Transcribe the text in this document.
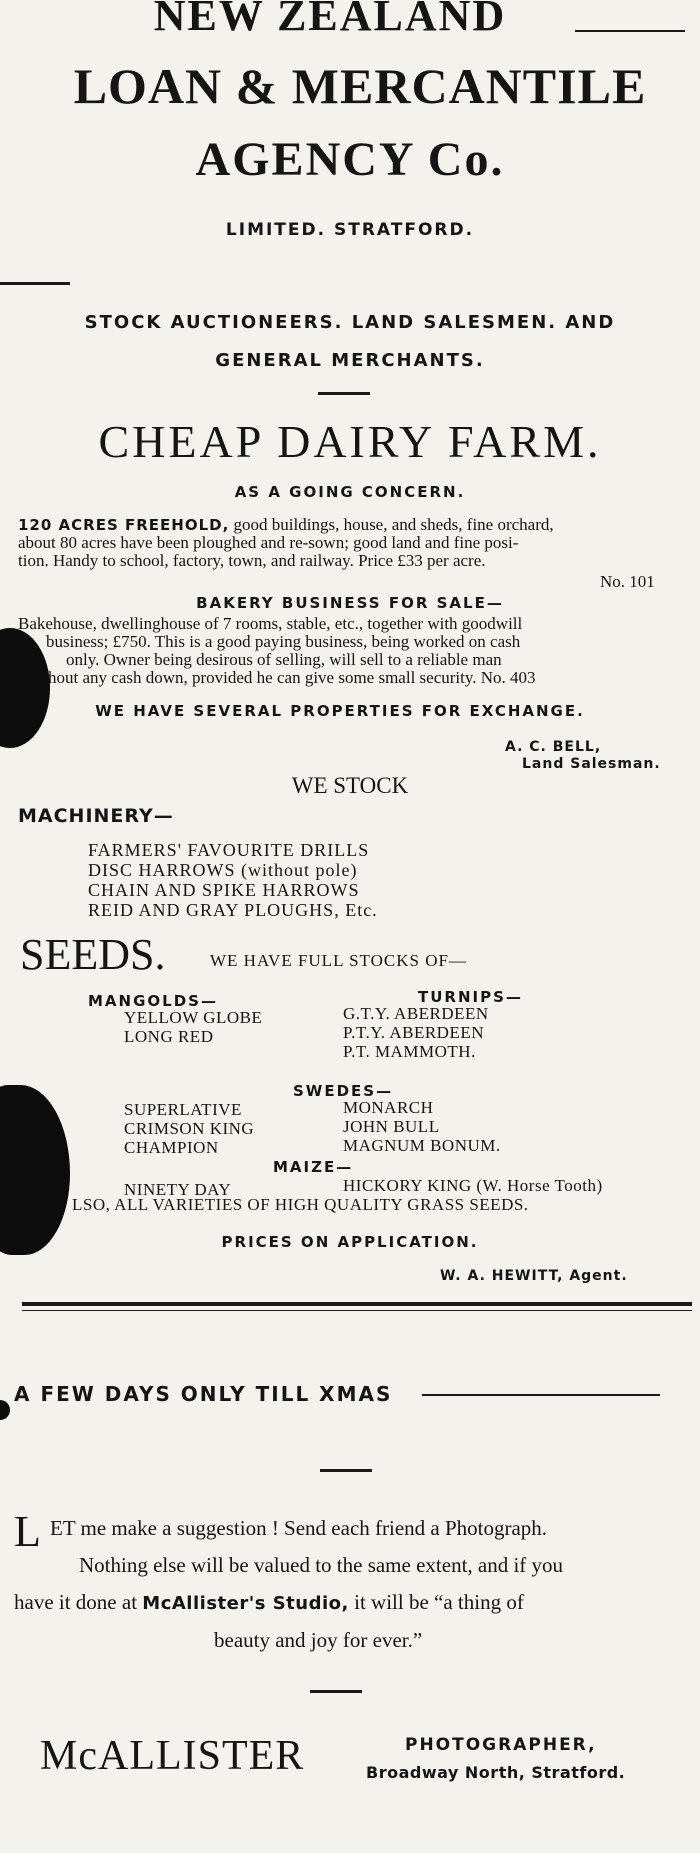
NEW ZEALAND
LOAN & MERCANTILE
AGENCY Co.
LIMITED. STRATFORD.
STOCK AUCTIONEERS. LAND SALESMEN. AND
GENERAL MERCHANTS.
CHEAP DAIRY FARM.
AS A GOING CONCERN.
120 ACRES FREEHOLD, good buildings, house, and sheds, fine orchard,
about 80 acres have been ploughed and re-sown; good land and fine posi-
tion. Handy to school, factory, town, and railway. Price £33 per acre.
No. 101
BAKERY BUSINESS FOR SALE—
Bakehouse, dwellinghouse of 7 rooms, stable, etc., together with goodwill
business; £750. This is a good paying business, being worked on cash
only. Owner being desirous of selling, will sell to a reliable man
hout any cash down, provided he can give some small security. No. 403
WE HAVE SEVERAL PROPERTIES FOR EXCHANGE.
A. C. BELL,
Land Salesman.
WE STOCK
MACHINERY—
FARMERS' FAVOURITE DRILLS
DISC HARROWS (without pole)
CHAIN AND SPIKE HARROWS
REID AND GRAY PLOUGHS, Etc.
SEEDS.	WE HAVE FULL STOCKS OF—
MANGOLDS—
YELLOW GLOBE
LONG RED
TURNIPS—
G.T.Y. ABERDEEN
P.T.Y. ABERDEEN
P.T. MAMMOTH.
SWEDES—
SUPERLATIVE
CRIMSON KING
CHAMPION
MONARCH
JOHN BULL
MAGNUM BONUM.
MAIZE—
NINETY DAY	HICKORY KING (W. Horse Tooth)
LSO, ALL VARIETIES OF HIGH QUALITY GRASS SEEDS.
PRICES ON APPLICATION.
W. A. HEWITT, Agent.
A FEW DAYS ONLY TILL XMAS
L ET me make a suggestion ! Send each friend a Photograph.
Nothing else will be valued to the same extent, and if you
have it done at McAllister's Studio, it will be “a thing of
beauty and joy for ever.”
McALLISTER	PHOTOGRAPHER,
Broadway North, Stratford.
